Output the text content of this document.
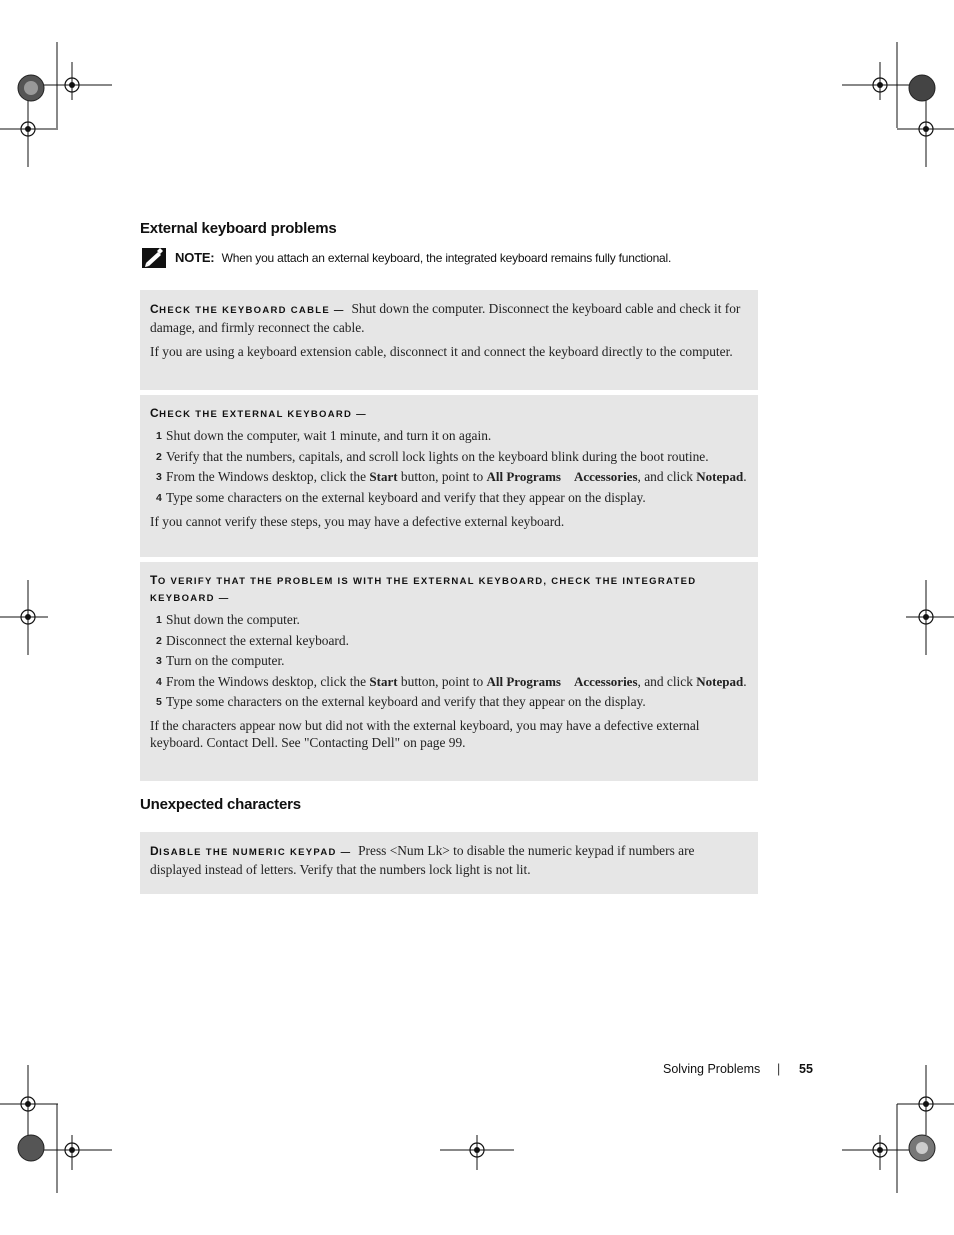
External keyboard problems
NOTE: When you attach an external keyboard, the integrated keyboard remains fully functional.

CHECK THE KEYBOARD CABLE — Shut down the computer. Disconnect the keyboard cable and check it for damage, and firmly reconnect the cable.

If you are using a keyboard extension cable, disconnect it and connect the keyboard directly to the computer.

CHECK THE EXTERNAL KEYBOARD —

1 Shut down the computer, wait 1 minute, and turn it on again.
2 Verify that the numbers, capitals, and scroll lock lights on the keyboard blink during the boot routine.
3 From the Windows desktop, click the Start button, point to All Programs Accessories, and click Notepad.
4 Type some characters on the external keyboard and verify that they appear on the display.

If you cannot verify these steps, you may have a defective external keyboard.

TO VERIFY THAT THE PROBLEM IS WITH THE EXTERNAL KEYBOARD, CHECK THE INTEGRATED KEYBOARD —

1 Shut down the computer.
2 Disconnect the external keyboard.
3 Turn on the computer.
4 From the Windows desktop, click the Start button, point to All Programs Accessories, and click Notepad.
5 Type some characters on the external keyboard and verify that they appear on the display.

If the characters appear now but did not with the external keyboard, you may have a defective external keyboard. Contact Dell. See "Contacting Dell" on page 99.

Unexpected characters

DISABLE THE NUMERIC KEYPAD — Press <Num Lk> to disable the numeric keypad if numbers are displayed instead of letters. Verify that the numbers lock light is not lit.

Solving Problems | 55
